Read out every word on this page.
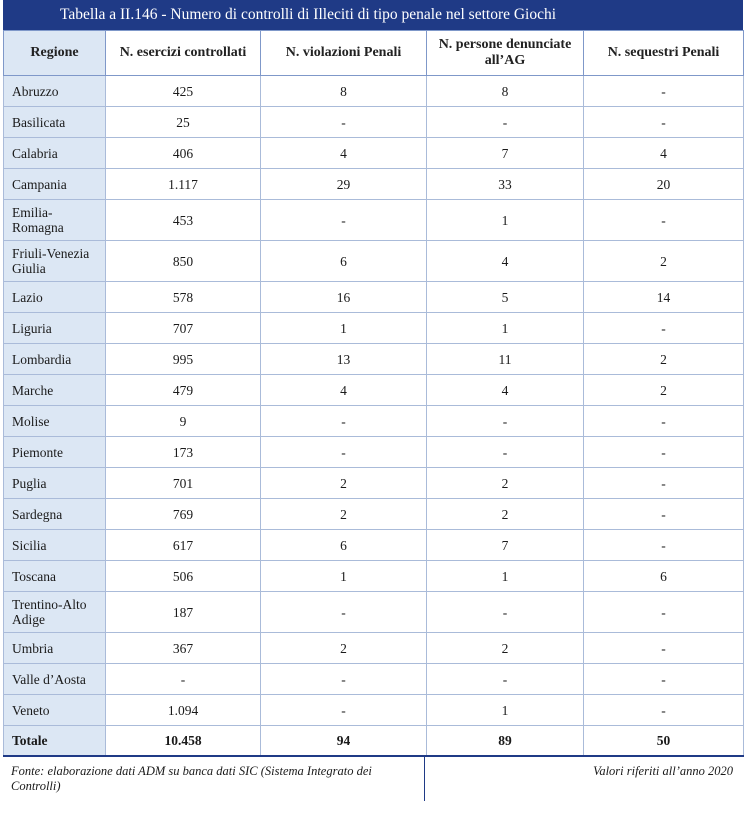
Tabella a II.146 - Numero di controlli di Illeciti di tipo penale nel settore Giochi
Regione	N. esercizi controllati	N. violazioni Penali	N. persone denunciate all’AG	N. sequestri Penali
Abruzzo	425	8	8	-
Basilicata	25	-	-	-
Calabria	406	4	7	4
Campania	1.117	29	33	20
Emilia-Romagna	453	-	1	-
Friuli-Venezia Giulia	850	6	4	2
Lazio	578	16	5	14
Liguria	707	1	1	-
Lombardia	995	13	11	2
Marche	479	4	4	2
Molise	9	-	-	-
Piemonte	173	-	-	-
Puglia	701	2	2	-
Sardegna	769	2	2	-
Sicilia	617	6	7	-
Toscana	506	1	1	6
Trentino-Alto Adige	187	-	-	-
Umbria	367	2	2	-
Valle d’Aosta	-	-	-	-
Veneto	1.094	-	1	-
Totale	10.458	94	89	50
Fonte: elaborazione dati ADM su banca dati SIC (Sistema Integrato dei Controlli)
Valori riferiti all’anno 2020
